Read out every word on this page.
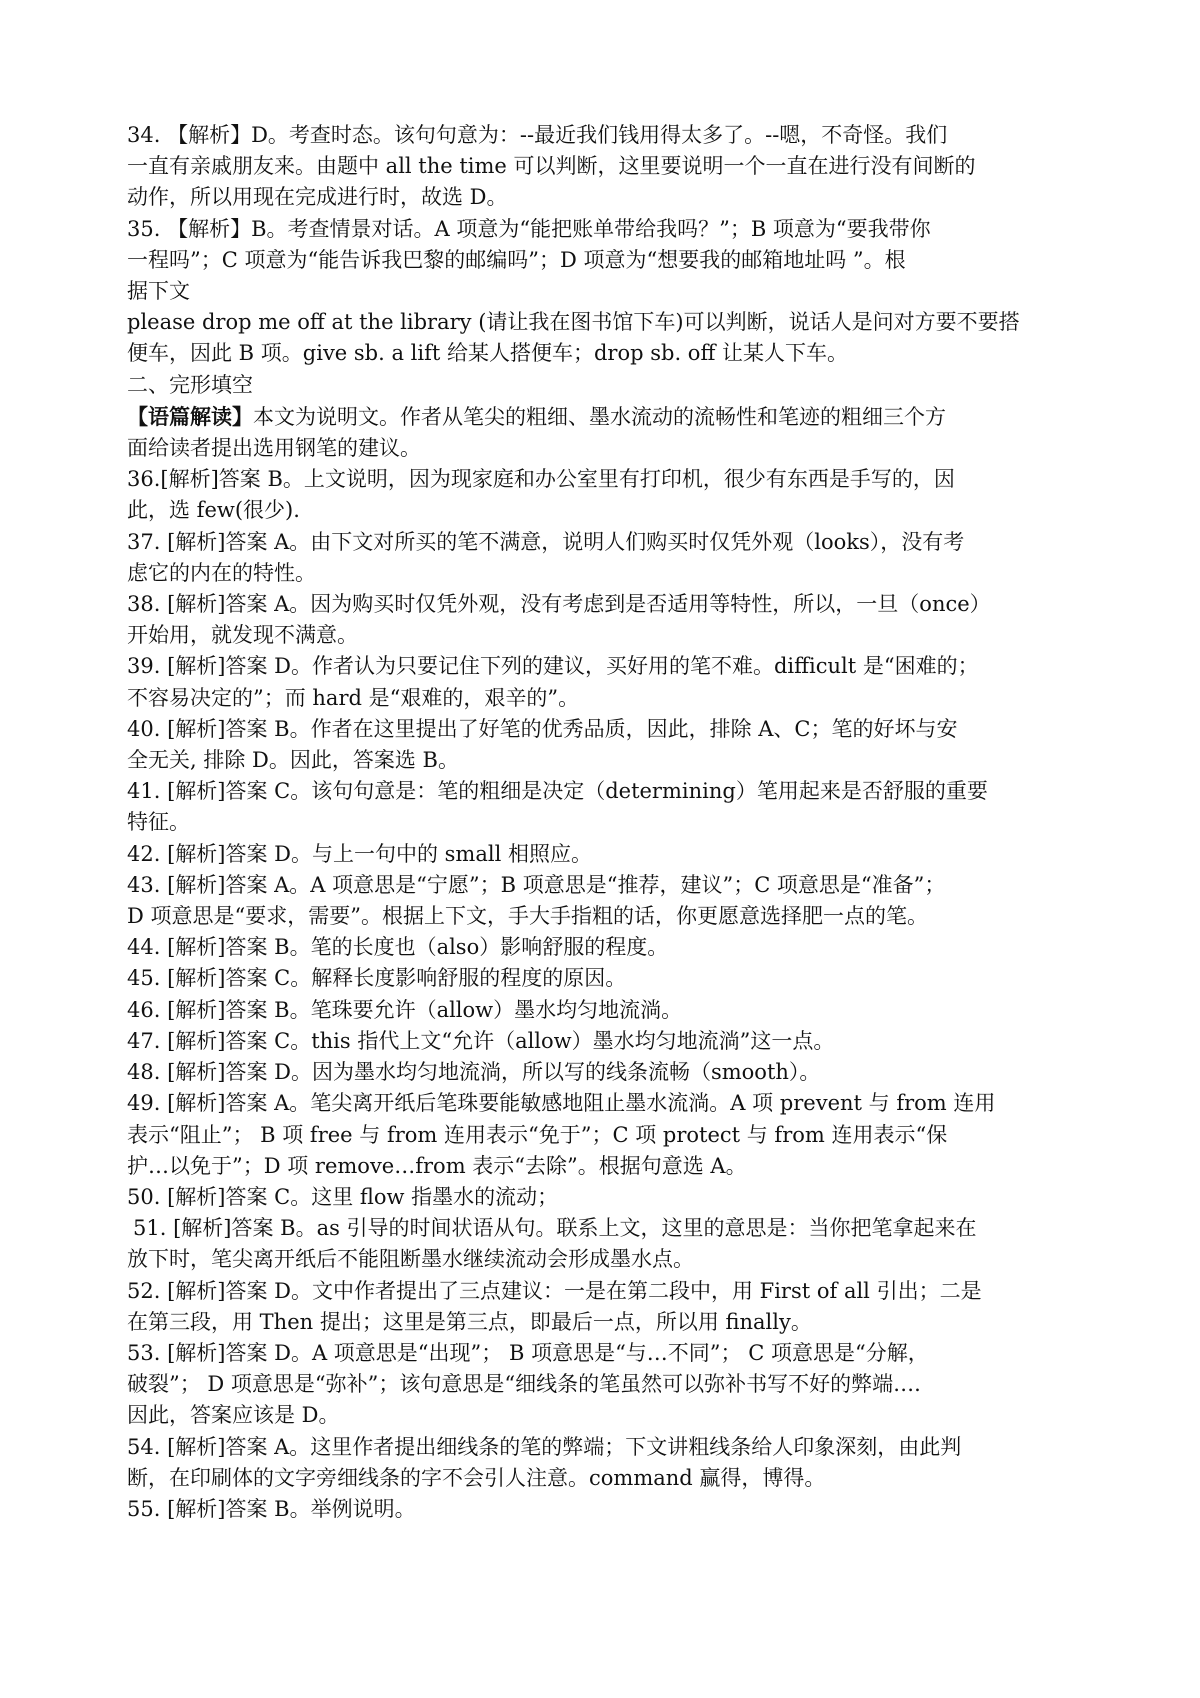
34. 【解析】D。考查时态。该句句意为：--最近我们钱用得太多了。--嗯，不奇怪。我们
一直有亲戚朋友来。由题中 all the time 可以判断，这里要说明一个一直在进行没有间断的
动作，所以用现在完成进行时，故选 D。
35. 【解析】B。考查情景对话。A 项意为“能把账单带给我吗？”；B 项意为“要我带你
一程吗”；C 项意为“能告诉我巴黎的邮编吗”；D 项意为“想要我的邮箱地址吗 ”。根
据下文
please drop me off at the library (请让我在图书馆下车)可以判断，说话人是问对方要不要搭
便车，因此 B 项。give sb. a lift 给某人搭便车；drop sb. off 让某人下车。
二、完形填空
【语篇解读】本文为说明文。作者从笔尖的粗细、墨水流动的流畅性和笔迹的粗细三个方
面给读者提出选用钢笔的建议。
36.[解析]答案 B。上文说明，因为现家庭和办公室里有打印机，很少有东西是手写的，因
此，选 few(很少).
37. [解析]答案 A。由下文对所买的笔不满意，说明人们购买时仅凭外观（looks），没有考
虑它的内在的特性。
38. [解析]答案 A。因为购买时仅凭外观，没有考虑到是否适用等特性，所以，一旦（once）
开始用，就发现不满意。
39. [解析]答案 D。作者认为只要记住下列的建议，买好用的笔不难。difficult 是“困难的；
不容易决定的”；而 hard 是“艰难的，艰辛的”。
40. [解析]答案 B。作者在这里提出了好笔的优秀品质，因此，排除 A、C；笔的好坏与安
全无关, 排除 D。因此，答案选 B。
41. [解析]答案 C。该句句意是：笔的粗细是决定（determining）笔用起来是否舒服的重要
特征。
42. [解析]答案 D。与上一句中的 small 相照应。
43. [解析]答案 A。A 项意思是“宁愿”；B 项意思是“推荐，建议”；C 项意思是“准备”；
D 项意思是“要求，需要”。根据上下文，手大手指粗的话，你更愿意选择肥一点的笔。
44. [解析]答案 B。笔的长度也（also）影响舒服的程度。
45. [解析]答案 C。解释长度影响舒服的程度的原因。
46. [解析]答案 B。笔珠要允许（allow）墨水均匀地流淌。
47. [解析]答案 C。this 指代上文“允许（allow）墨水均匀地流淌”这一点。
48. [解析]答案 D。因为墨水均匀地流淌，所以写的线条流畅（smooth）。
49. [解析]答案 A。笔尖离开纸后笔珠要能敏感地阻止墨水流淌。A 项 prevent 与 from 连用
表示“阻止”； B 项 free 与 from 连用表示“免于”；C 项 protect 与 from 连用表示“保
护…以免于”；D 项 remove…from 表示“去除”。根据句意选 A。
50. [解析]答案 C。这里 flow 指墨水的流动；
51. [解析]答案 B。as 引导的时间状语从句。联系上文，这里的意思是：当你把笔拿起来在
放下时，笔尖离开纸后不能阻断墨水继续流动会形成墨水点。
52. [解析]答案 D。文中作者提出了三点建议：一是在第二段中，用 First of all 引出；二是
在第三段，用 Then 提出；这里是第三点，即最后一点，所以用 finally。
53. [解析]答案 D。A 项意思是“出现”； B 项意思是“与…不同”； C 项意思是“分解，
破裂”； D 项意思是“弥补”；该句意思是“细线条的笔虽然可以弥补书写不好的弊端….
因此，答案应该是 D。
54. [解析]答案 A。这里作者提出细线条的笔的弊端；下文讲粗线条给人印象深刻，由此判
断，在印刷体的文字旁细线条的字不会引人注意。command 赢得，博得。
55. [解析]答案 B。举例说明。
